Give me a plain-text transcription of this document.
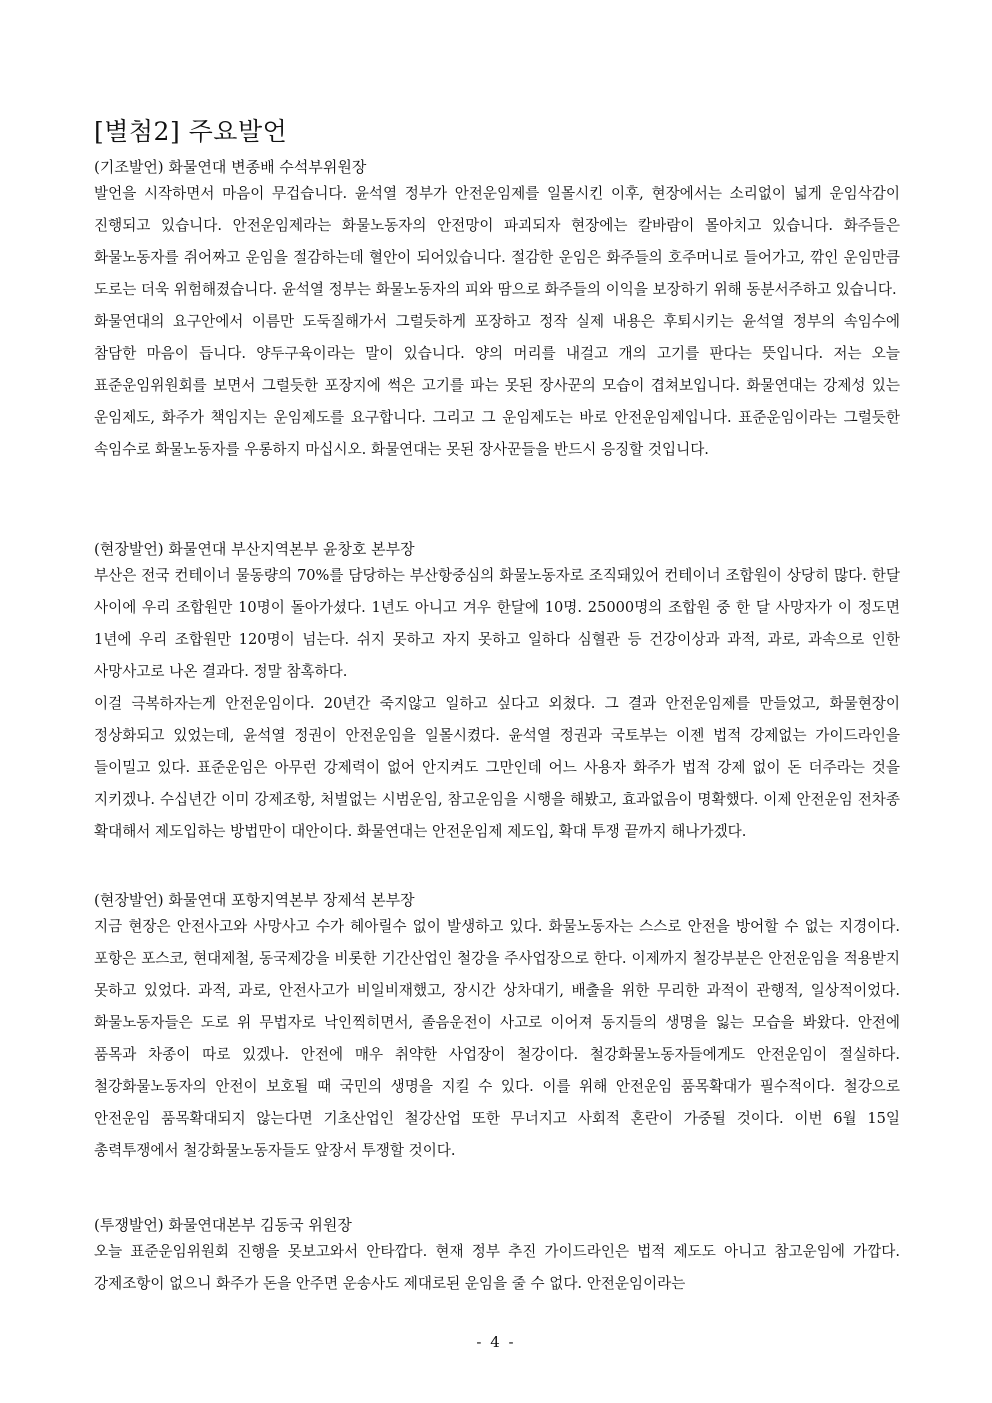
[별첨2] 주요발언
(기조발언) 화물연대 변종배 수석부위원장

발언을 시작하면서 마음이 무겁습니다. 윤석열 정부가 안전운임제를 일몰시킨 이후, 현장에서는 소리없이 넓게 운임삭감이 진행되고 있습니다. 안전운임제라는 화물노동자의 안전망이 파괴되자 현장에는 칼바람이 몰아치고 있습니다. 화주들은 화물노동자를 쥐어짜고 운임을 절감하는데 혈안이 되어있습니다. 절감한 운임은 화주들의 호주머니로 들어가고, 깎인 운임만큼 도로는 더욱 위험해졌습니다. 윤석열 정부는 화물노동자의 피와 땀으로 화주들의 이익을 보장하기 위해 동분서주하고 있습니다.

화물연대의 요구안에서 이름만 도둑질해가서 그럴듯하게 포장하고 정작 실제 내용은 후퇴시키는 윤석열 정부의 속임수에 참담한 마음이 듭니다. 양두구육이라는 말이 있습니다. 양의 머리를 내걸고 개의 고기를 판다는 뜻입니다. 저는 오늘 표준운임위원회를 보면서 그럴듯한 포장지에 썩은 고기를 파는 못된 장사꾼의 모습이 겹쳐보입니다. 화물연대는 강제성 있는 운임제도, 화주가 책임지는 운임제도를 요구합니다. 그리고 그 운임제도는 바로 안전운임제입니다. 표준운임이라는 그럴듯한 속임수로 화물노동자를 우롱하지 마십시오. 화물연대는 못된 장사꾼들을 반드시 응징할 것입니다.

(현장발언) 화물연대 부산지역본부 윤창호 본부장

부산은 전국 컨테이너 물동량의 70%를 담당하는 부산항중심의 화물노동자로 조직돼있어 컨테이너 조합원이 상당히 많다. 한달 사이에 우리 조합원만 10명이 돌아가셨다. 1년도 아니고 겨우 한달에 10명. 25000명의 조합원 중 한 달 사망자가 이 정도면 1년에 우리 조합원만 120명이 넘는다. 쉬지 못하고 자지 못하고 일하다 심혈관 등 건강이상과 과적, 과로, 과속으로 인한 사망사고로 나온 결과다. 정말 참혹하다.

이걸 극복하자는게 안전운임이다. 20년간 죽지않고 일하고 싶다고 외쳤다. 그 결과 안전운임제를 만들었고, 화물현장이 정상화되고 있었는데, 윤석열 정권이 안전운임을 일몰시켰다. 윤석열 정권과 국토부는 이젠 법적 강제없는 가이드라인을 들이밀고 있다. 표준운임은 아무런 강제력이 없어 안지켜도 그만인데 어느 사용자 화주가 법적 강제 없이 돈 더주라는 것을 지키겠나. 수십년간 이미 강제조항, 처벌없는 시범운임, 참고운임을 시행을 해봤고, 효과없음이 명확했다. 이제 안전운임 전차종 확대해서 제도입하는 방법만이 대안이다. 화물연대는 안전운임제 제도입, 확대 투쟁 끝까지 해나가겠다.

(현장발언) 화물연대 포항지역본부 장제석 본부장

지금 현장은 안전사고와 사망사고 수가 헤아릴수 없이 발생하고 있다. 화물노동자는 스스로 안전을 방어할 수 없는 지경이다. 포항은 포스코, 현대제철, 동국제강을 비롯한 기간산업인 철강을 주사업장으로 한다. 이제까지 철강부분은 안전운임을 적용받지 못하고 있었다. 과적, 과로, 안전사고가 비일비재했고, 장시간 상차대기, 배출을 위한 무리한 과적이 관행적, 일상적이었다. 화물노동자들은 도로 위 무법자로 낙인찍히면서, 졸음운전이 사고로 이어져 동지들의 생명을 잃는 모습을 봐왔다. 안전에 품목과 차종이 따로 있겠나. 안전에 매우 취약한 사업장이 철강이다. 철강화물노동자들에게도 안전운임이 절실하다. 철강화물노동자의 안전이 보호될 때 국민의 생명을 지킬 수 있다. 이를 위해 안전운임 품목확대가 필수적이다. 철강으로 안전운임 품목확대되지 않는다면 기초산업인 철강산업 또한 무너지고 사회적 혼란이 가중될 것이다. 이번 6월 15일 총력투쟁에서 철강화물노동자들도 앞장서 투쟁할 것이다.

(투쟁발언) 화물연대본부 김동국 위원장

오늘 표준운임위원회 진행을 못보고와서 안타깝다. 현재 정부 추진 가이드라인은 법적 제도도 아니고 참고운임에 가깝다. 강제조항이 없으니 화주가 돈을 안주면 운송사도 제대로된 운임을 줄 수 없다. 안전운임이라는

- 4 -
